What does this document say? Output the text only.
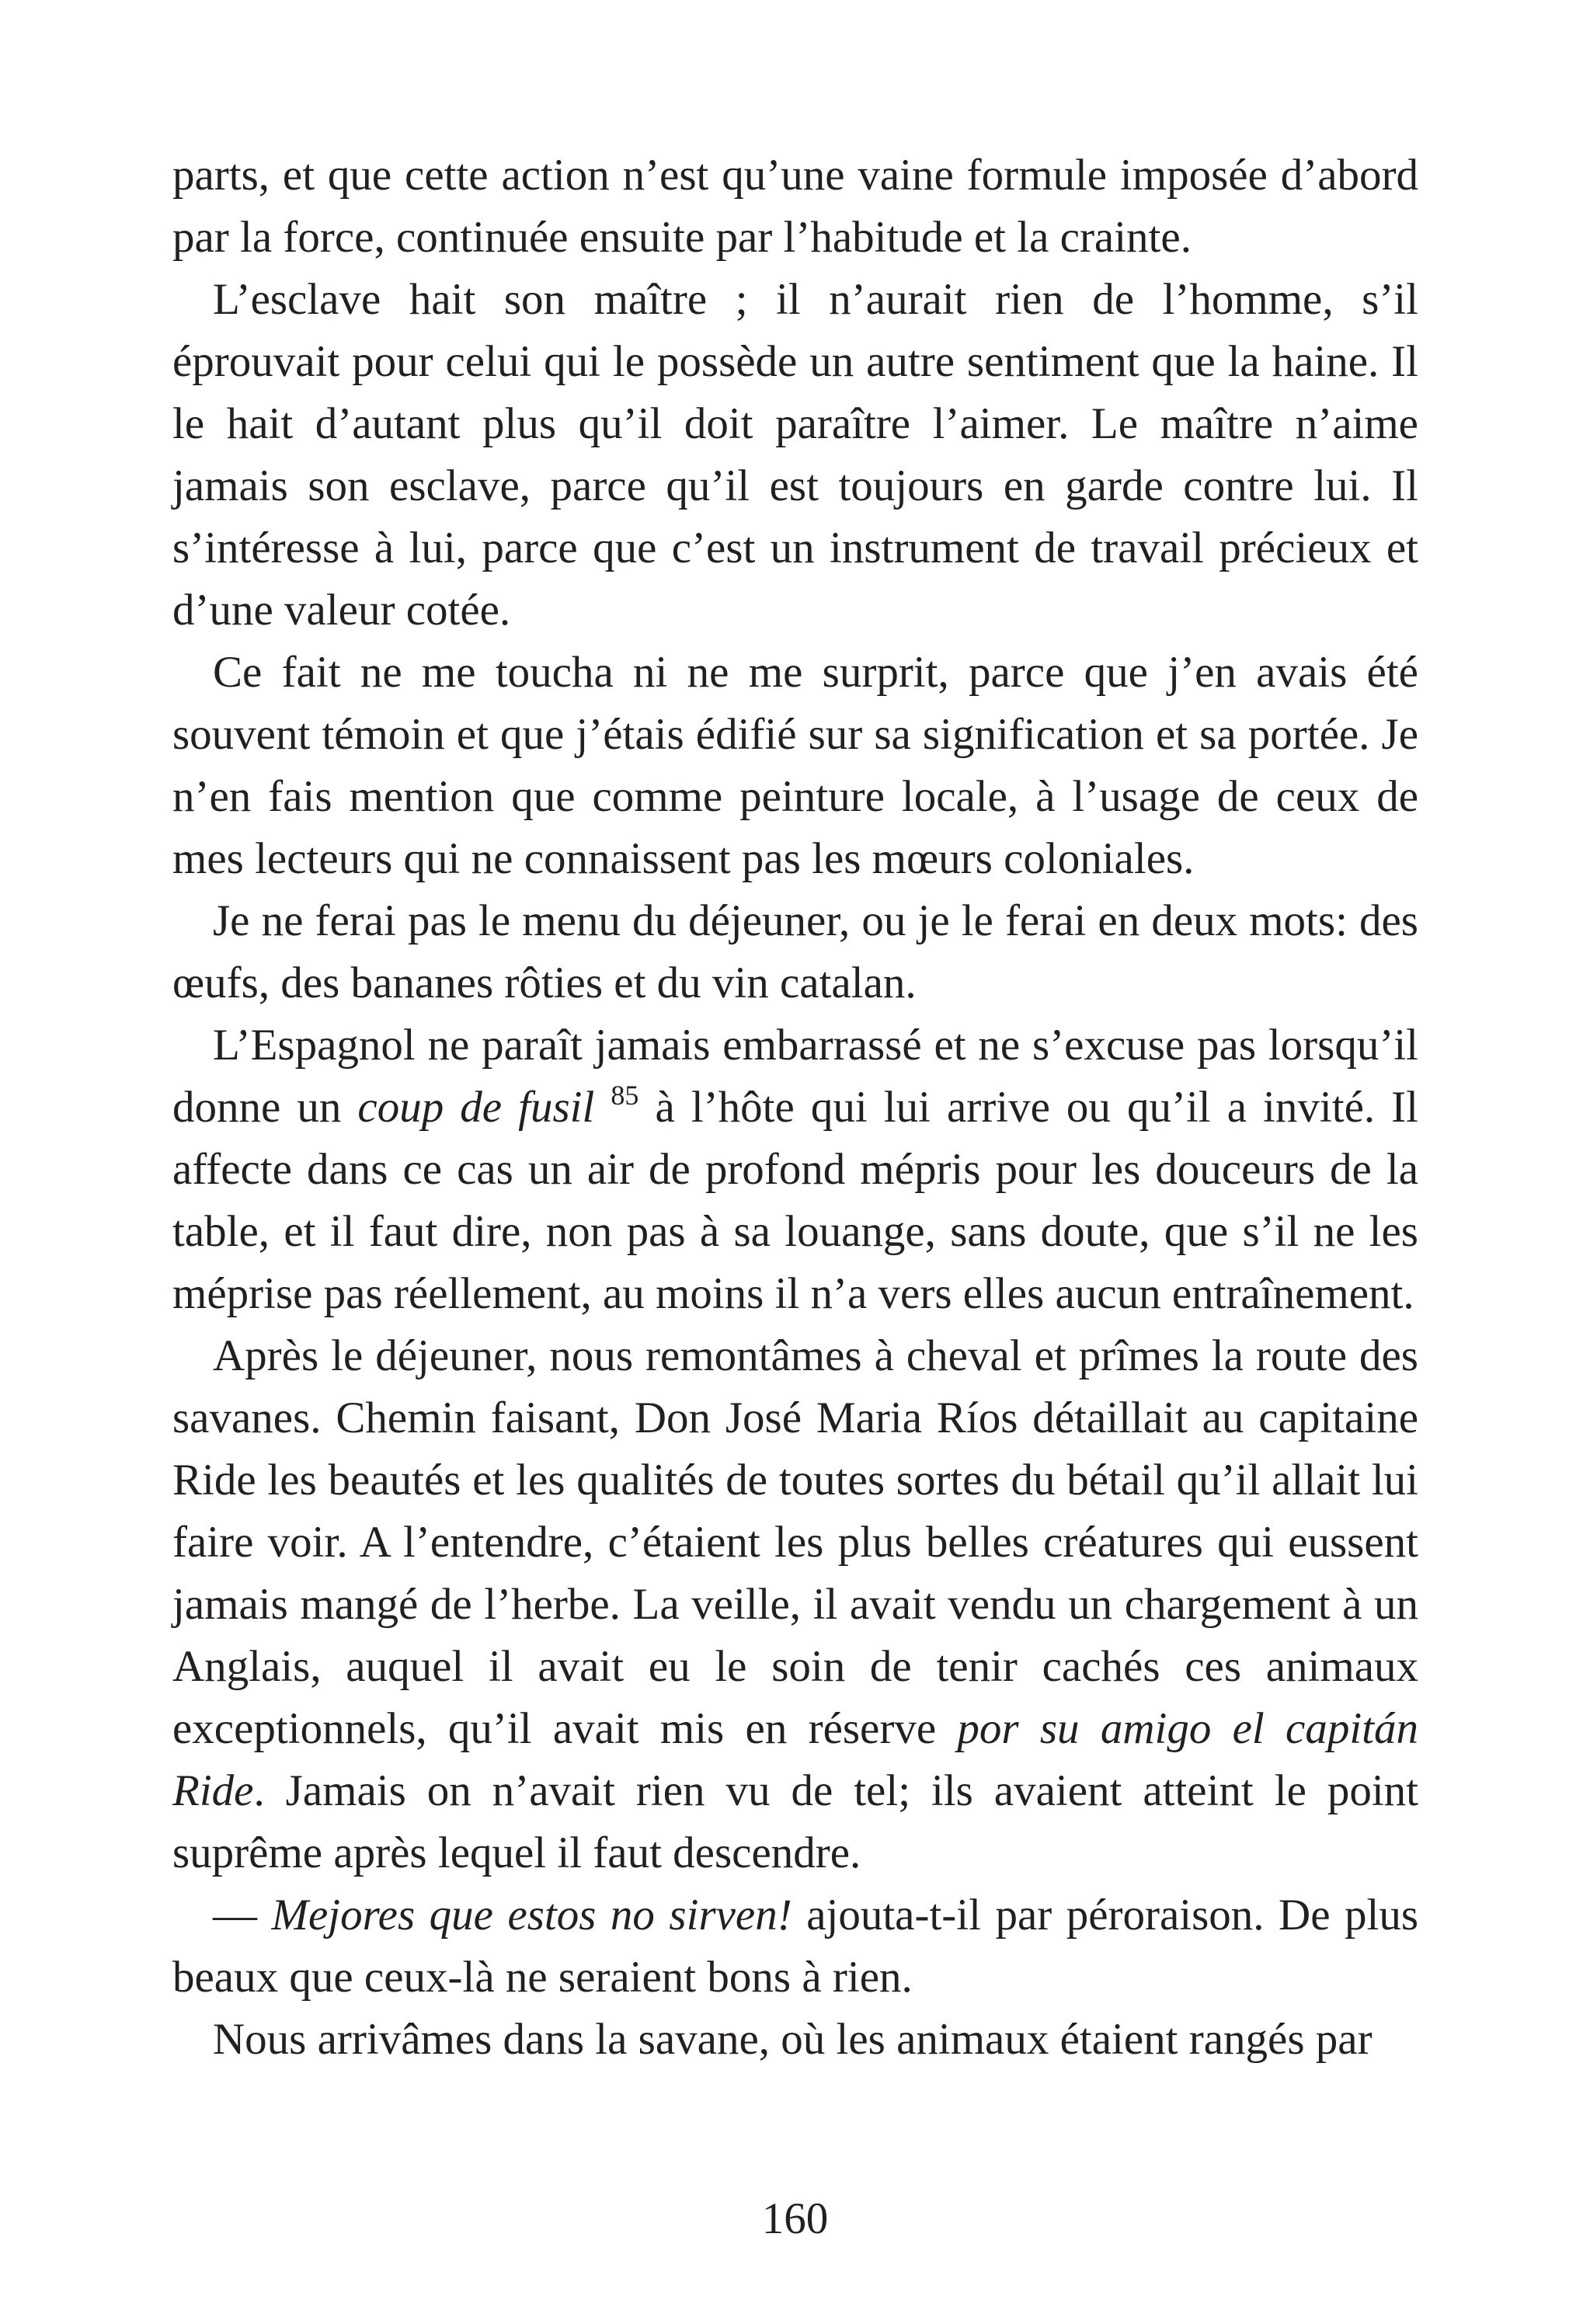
parts, et que cette action n’est qu’une vaine formule imposée d’abord par la force, continuée ensuite par l’habitude et la crainte.

L’esclave hait son maître ; il n’aurait rien de l’homme, s’il éprouvait pour celui qui le possède un autre sentiment que la haine. Il le hait d’autant plus qu’il doit paraître l’aimer. Le maître n’aime jamais son esclave, parce qu’il est toujours en garde contre lui. Il s’intéresse à lui, parce que c’est un instrument de travail précieux et d’une valeur cotée.

Ce fait ne me toucha ni ne me surprit, parce que j’en avais été souvent témoin et que j’étais édifié sur sa signification et sa portée. Je n’en fais mention que comme peinture locale, à l’usage de ceux de mes lecteurs qui ne connaissent pas les mœurs coloniales.

Je ne ferai pas le menu du déjeuner, ou je le ferai en deux mots: des œufs, des bananes rôties et du vin catalan.

L’Espagnol ne paraît jamais embarrassé et ne s’excuse pas lorsqu’il donne un coup de fusil $^{85}$ à l’hôte qui lui arrive ou qu’il a invité. Il affecte dans ce cas un air de profond mépris pour les douceurs de la table, et il faut dire, non pas à sa louange, sans doute, que s’il ne les méprise pas réellement, au moins il n’a vers elles aucun entraînement.

Après le déjeuner, nous remontâmes à cheval et prîmes la route des savanes. Chemin faisant, Don José Maria Ríos détaillait au capitaine Ride les beautés et les qualités de toutes sortes du bétail qu’il allait lui faire voir. A l’entendre, c’étaient les plus belles créatures qui eussent jamais mangé de l’herbe. La veille, il avait vendu un chargement à un Anglais, auquel il avait eu le soin de tenir cachés ces animaux exceptionnels, qu’il avait mis en réserve por su amigo el capitán Ride. Jamais on n’avait rien vu de tel; ils avaient atteint le point suprême après lequel il faut descendre.

— Mejores que estos no sirven! ajouta-t-il par péroraison. De plus beaux que ceux-là ne seraient bons à rien.

Nous arrivâmes dans la savane, où les animaux étaient rangés par

160
